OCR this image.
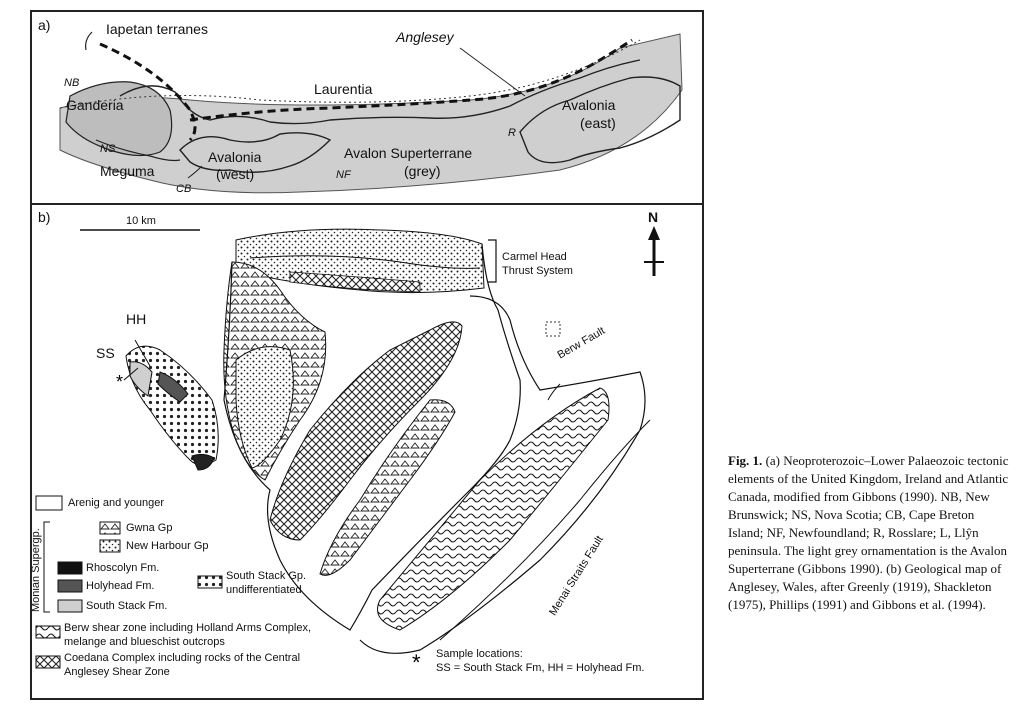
*
*
a)
b)
Iapetan terranes	Anglesey
Laurentia
NB
Ganderia
NS
Meguma
CB
Avalonia
(west)
Avalon Superterrane
(grey)
NF
R
Avalonia
(east)
10 km	N
Carmel Head
Thrust System
HH
SS	Berw Fault
Menai Straits Fault
Arenig and younger
Monian Supergp.
Gwna Gp
New Harbour Gp
Rhoscolyn Fm.
Holyhead Fm.
South Stack Fm.
South Stack Gp.
undifferentiated
Berw shear zone including Holland Arms Complex,
melange and blueschist outcrops
Coedana Complex including rocks of the Central
Anglesey Shear Zone
Sample locations:
SS = South Stack Fm, HH = Holyhead Fm.
Fig. 1. (a) Neoproterozoic–Lower Palaeozoic tectonic elements of the United Kingdom, Ireland and Atlantic Canada, modified from Gibbons (1990). NB, New Brunswick; NS, Nova Scotia; CB, Cape Breton Island; NF, Newfoundland; R, Rosslare; L, Llŷn peninsula. The light grey ornamentation is the Avalon Superterrane (Gibbons 1990). (b) Geological map of Anglesey, Wales, after Greenly (1919), Shackleton (1975), Phillips (1991) and Gibbons et al. (1994).
